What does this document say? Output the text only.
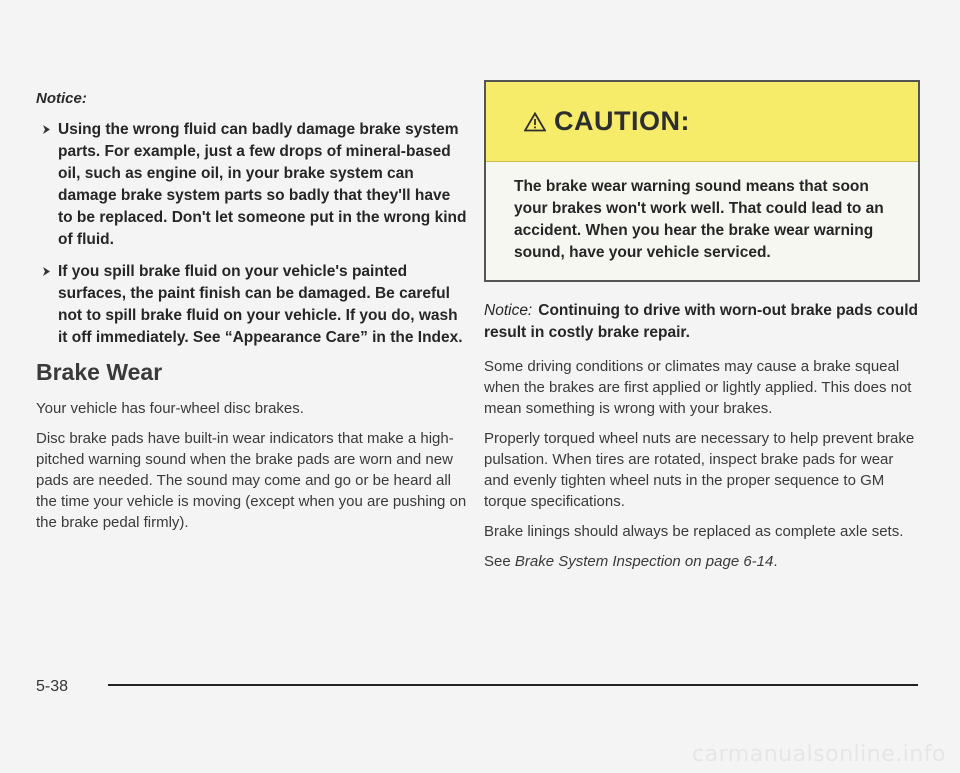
Notice:
Using the wrong fluid can badly damage brake system parts. For example, just a few drops of mineral-based oil, such as engine oil, in your brake system can damage brake system parts so badly that they'll have to be replaced. Don't let someone put in the wrong kind of fluid.
If you spill brake fluid on your vehicle's painted surfaces, the paint finish can be damaged. Be careful not to spill brake fluid on your vehicle. If you do, wash it off immediately. See “Appearance Care” in the Index.
Brake Wear

Your vehicle has four-wheel disc brakes.

Disc brake pads have built-in wear indicators that make a high-pitched warning sound when the brake pads are worn and new pads are needed. The sound may come and go or be heard all the time your vehicle is moving (except when you are pushing on the brake pedal firmly).

CAUTION:
The brake wear warning sound means that soon your brakes won't work well. That could lead to an accident. When you hear the brake wear warning sound, have your vehicle serviced.

Notice: Continuing to drive with worn-out brake pads could result in costly brake repair.

Some driving conditions or climates may cause a brake squeal when the brakes are first applied or lightly applied. This does not mean something is wrong with your brakes.

Properly torqued wheel nuts are necessary to help prevent brake pulsation. When tires are rotated, inspect brake pads for wear and evenly tighten wheel nuts in the proper sequence to GM torque specifications.

Brake linings should always be replaced as complete axle sets.

See Brake System Inspection on page 6-14.

5-38
carmanualsonline.info
